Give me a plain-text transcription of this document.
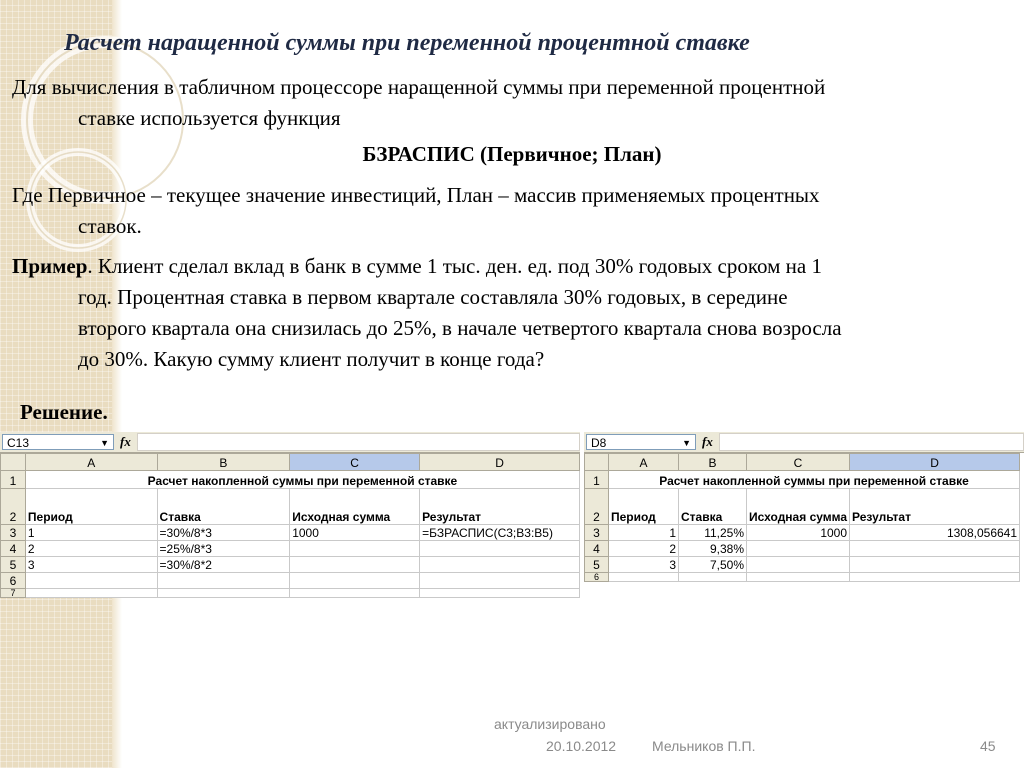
Расчет наращенной суммы при переменной процентной ставке
Для вычисления в табличном процессоре наращенной суммы при переменной процентной
ставке используется функция
БЗРАСПИС (Первичное; План)
Где Первичное – текущее значение инвестиций, План – массив применяемых процентных
ставок.
Пример. Клиент сделал вклад в банк в сумме 1 тыс. ден. ед. под 30% годовых сроком на 1
год. Процентная ставка в первом квартале составляла 30% годовых, в середине
второго квартала она снизилась до 25%, в начале четвертого квартала снова возросла
до 30%. Какую сумму клиент получит в конце года?
Решение.
C13	▼ fx
	A	B	C	D
1	Расчет накопленной суммы при переменной ставке			
2	Период	Ставка	Исходная сумма	Результат
3	1	=30%/8*3	1000	=БЗРАСПИС(C3;B3:B5)
4	2	=25%/8*3		
5	3	=30%/8*2		
6				
7				
D8	▼ fx
	A	B	C	D
1	Расчет накопленной суммы при переменной ставке			
2	Период	Ставка	Исходная сумма	Результат
3	1	11,25%	1000	1308,056641
4	2	9,38%		
5	3	7,50%		
6				
актуализировано
20.10.2012	Мельников П.П.	45
